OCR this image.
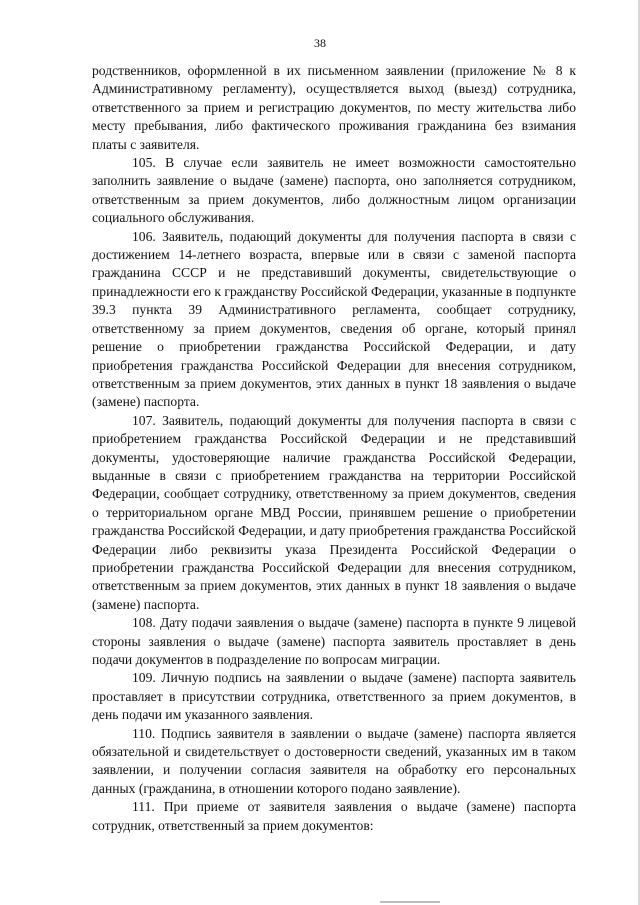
38

родственников, оформленной в их письменном заявлении (приложение № 8 к Административному регламенту), осуществляется выход (выезд) сотрудника, ответственного за прием и регистрацию документов, по месту жительства либо месту пребывания, либо фактического проживания гражданина без взимания платы с заявителя.

105. В случае если заявитель не имеет возможности самостоятельно заполнить заявление о выдаче (замене) паспорта, оно заполняется сотрудником, ответственным за прием документов, либо должностным лицом организации социального обслуживания.

106. Заявитель, подающий документы для получения паспорта в связи с достижением 14-летнего возраста, впервые или в связи с заменой паспорта гражданина СССР и не представивший документы, свидетельствующие о принадлежности его к гражданству Российской Федерации, указанные в подпункте 39.3 пункта 39 Административного регламента, сообщает сотруднику, ответственному за прием документов, сведения об органе, который принял решение о приобретении гражданства Российской Федерации, и дату приобретения гражданства Российской Федерации для внесения сотрудником, ответственным за прием документов, этих данных в пункт 18 заявления о выдаче (замене) паспорта.

107. Заявитель, подающий документы для получения паспорта в связи с приобретением гражданства Российской Федерации и не представивший документы, удостоверяющие наличие гражданства Российской Федерации, выданные в связи с приобретением гражданства на территории Российской Федерации, сообщает сотруднику, ответственному за прием документов, сведения о территориальном органе МВД России, принявшем решение о приобретении гражданства Российской Федерации, и дату приобретения гражданства Российской Федерации либо реквизиты указа Президента Российской Федерации о приобретении гражданства Российской Федерации для внесения сотрудником, ответственным за прием документов, этих данных в пункт 18 заявления о выдаче (замене) паспорта.

108. Дату подачи заявления о выдаче (замене) паспорта в пункте 9 лицевой стороны заявления о выдаче (замене) паспорта заявитель проставляет в день подачи документов в подразделение по вопросам миграции.

109. Личную подпись на заявлении о выдаче (замене) паспорта заявитель проставляет в присутствии сотрудника, ответственного за прием документов, в день подачи им указанного заявления.

110. Подпись заявителя в заявлении о выдаче (замене) паспорта является обязательной и свидетельствует о достоверности сведений, указанных им в таком заявлении, и получении согласия заявителя на обработку его персональных данных (гражданина, в отношении которого подано заявление).

111. При приеме от заявителя заявления о выдаче (замене) паспорта сотрудник, ответственный за прием документов:
